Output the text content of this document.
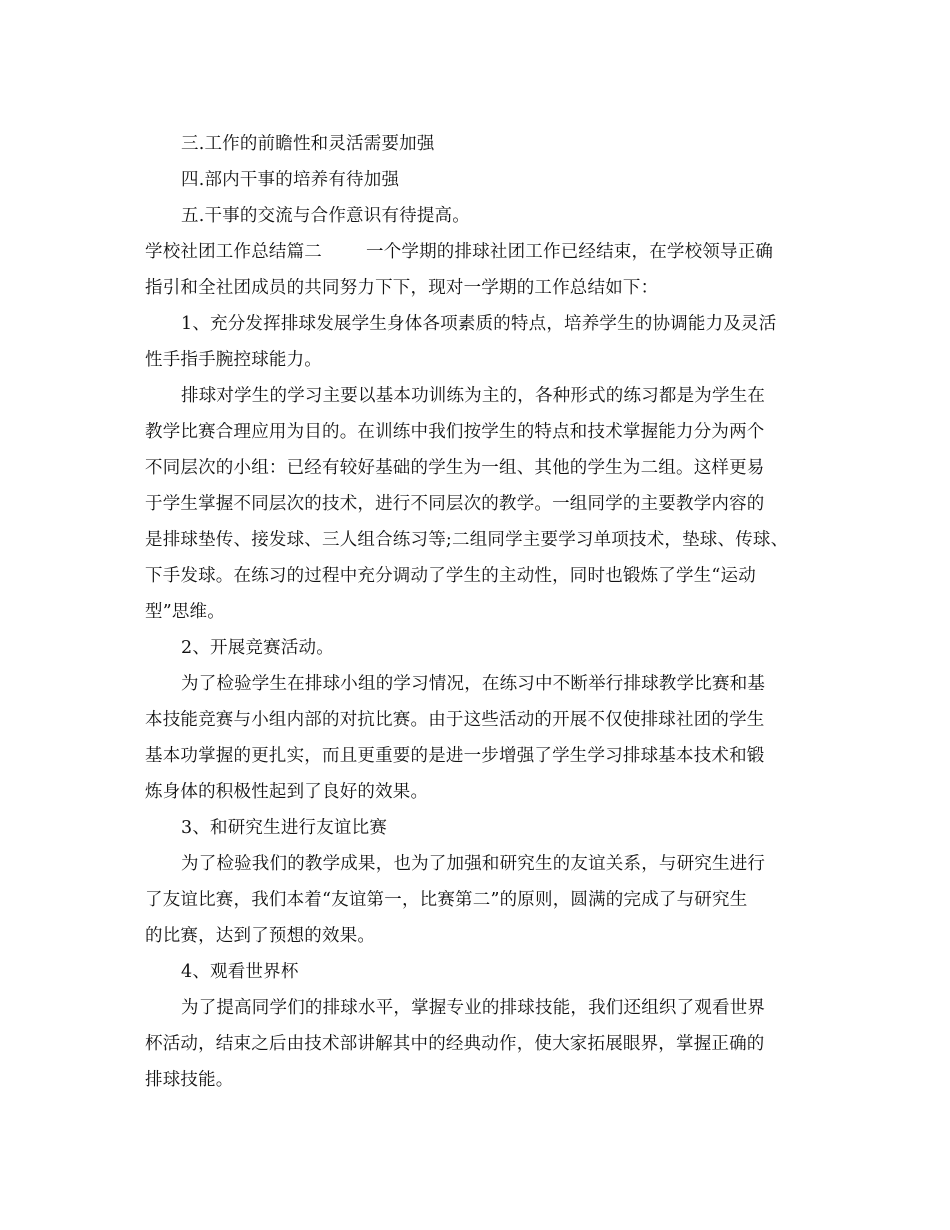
三.工作的前瞻性和灵活需要加强
四.部内干事的培养有待加强
五.干事的交流与合作意识有待提高。
学校社团工作总结篇二	一个学期的排球社团工作已经结束，在学校领导正确
指引和全社团成员的共同努力下下，现对一学期的工作总结如下：
1、充分发挥排球发展学生身体各项素质的特点，培养学生的协调能力及灵活
性手指手腕控球能力。
排球对学生的学习主要以基本功训练为主的，各种形式的练习都是为学生在
教学比赛合理应用为目的。在训练中我们按学生的特点和技术掌握能力分为两个
不同层次的小组：已经有较好基础的学生为一组、其他的学生为二组。这样更易
于学生掌握不同层次的技术，进行不同层次的教学。一组同学的主要教学内容的
是排球垫传、接发球、三人组合练习等;二组同学主要学习单项技术，垫球、传球、
下手发球。在练习的过程中充分调动了学生的主动性，同时也锻炼了学生“运动
型”思维。
2、开展竞赛活动。
为了检验学生在排球小组的学习情况，在练习中不断举行排球教学比赛和基
本技能竞赛与小组内部的对抗比赛。由于这些活动的开展不仅使排球社团的学生
基本功掌握的更扎实，而且更重要的是进一步增强了学生学习排球基本技术和锻
炼身体的积极性起到了良好的效果。
3、和研究生进行友谊比赛
为了检验我们的教学成果，也为了加强和研究生的友谊关系，与研究生进行
了友谊比赛，我们本着“友谊第一，比赛第二”的原则，圆满的完成了与研究生
的比赛，达到了预想的效果。
4、观看世界杯
为了提高同学们的排球水平，掌握专业的排球技能，我们还组织了观看世界
杯活动，结束之后由技术部讲解其中的经典动作，使大家拓展眼界，掌握正确的
排球技能。
